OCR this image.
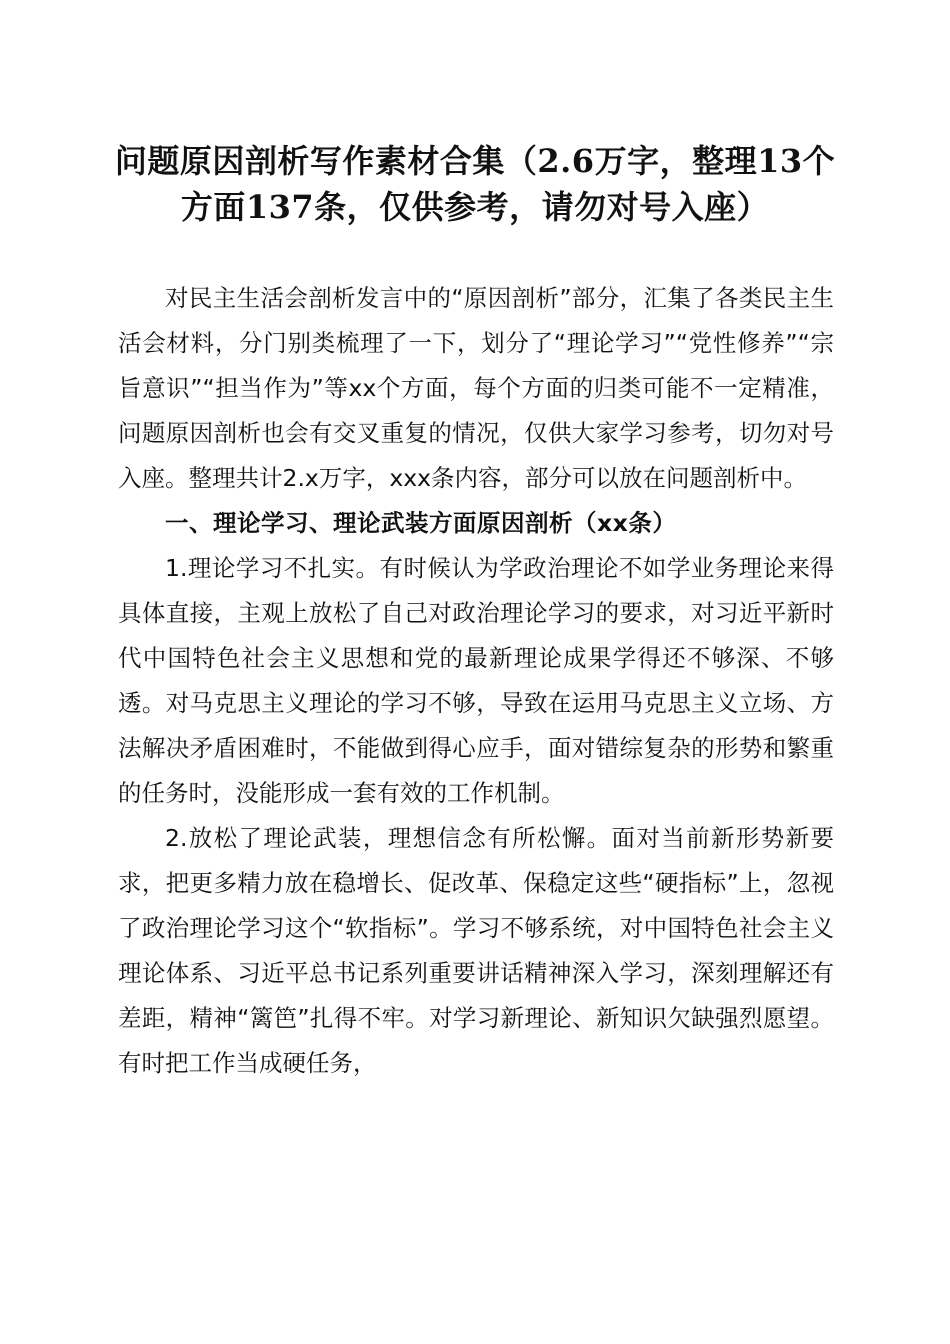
问题原因剖析写作素材合集（2.6万字，整理13个方面137条，仅供参考，请勿对号入座）

对民主生活会剖析发言中的“原因剖析”部分，汇集了各类民主生活会材料，分门别类梳理了一下，划分了“理论学习”“党性修养”“宗旨意识”“担当作为”等xx个方面，每个方面的归类可能不一定精准，问题原因剖析也会有交叉重复的情况，仅供大家学习参考，切勿对号入座。整理共计2.x万字，xxx条内容，部分可以放在问题剖析中。

一、理论学习、理论武装方面原因剖析（xx条）

1.理论学习不扎实。有时候认为学政治理论不如学业务理论来得具体直接，主观上放松了自己对政治理论学习的要求，对习近平新时代中国特色社会主义思想和党的最新理论成果学得还不够深、不够透。对马克思主义理论的学习不够，导致在运用马克思主义立场、方法解决矛盾困难时，不能做到得心应手，面对错综复杂的形势和繁重的任务时，没能形成一套有效的工作机制。

2.放松了理论武装，理想信念有所松懈。面对当前新形势新要求，把更多精力放在稳增长、促改革、保稳定这些“硬指标”上，忽视了政治理论学习这个“软指标”。学习不够系统，对中国特色社会主义理论体系、习近平总书记系列重要讲话精神深入学习，深刻理解还有差距，精神“篱笆”扎得不牢。对学习新理论、新知识欠缺强烈愿望。有时把工作当成硬任务，
